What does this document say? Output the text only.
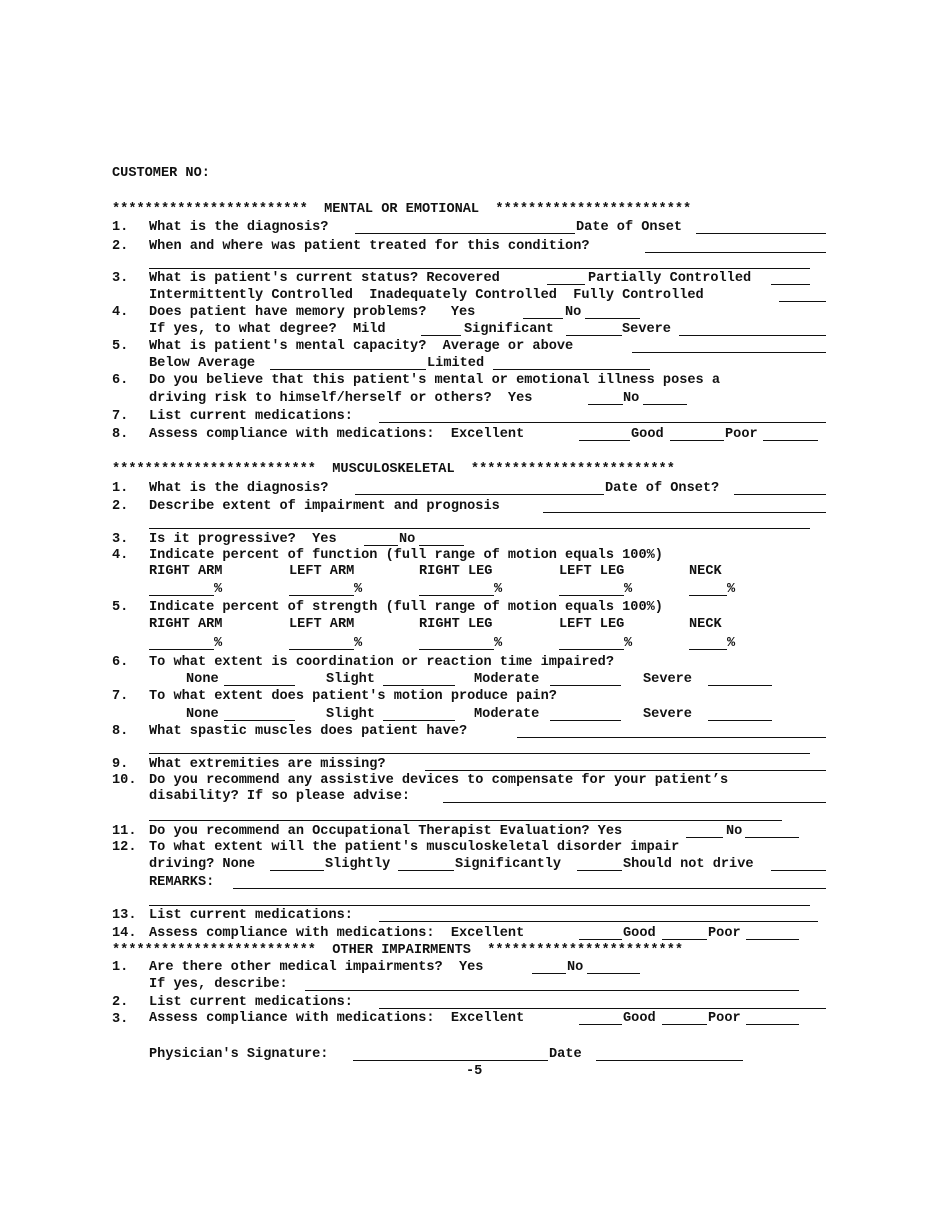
CUSTOMER NO:
************************  MENTAL OR EMOTIONAL  ************************
1. What is the diagnosis?	Date of Onset
2. When and where was patient treated for this condition?
3. What is patient's current status? Recovered	Partially Controlled
Intermittently Controlled  Inadequately Controlled  Fully Controlled
4. Does patient have memory problems?   Yes	No
If yes, to what degree?  Mild	Significant	Severe
5. What is patient's mental capacity?  Average or above
Below Average	Limited
6. Do you believe that this patient's mental or emotional illness poses a
driving risk to himself/herself or others?  Yes	No
7. List current medications:
8. Assess compliance with medications:  Excellent	Good	Poor
*************************  MUSCULOSKELETAL  *************************
1. What is the diagnosis?	Date of Onset?
2. Describe extent of impairment and prognosis
3. Is it progressive?  Yes	No
4. Indicate percent of function (full range of motion equals 100%)
RIGHT ARM	LEFT ARM	RIGHT LEG	LEFT LEG	NECK
%	%	%	%	%
5. Indicate percent of strength (full range of motion equals 100%)
RIGHT ARM	LEFT ARM	RIGHT LEG	LEFT LEG	NECK
%	%	%	%	%
6. To what extent is coordination or reaction time impaired?
None	Slight	Moderate	Severe
7. To what extent does patient's motion produce pain?
None	Slight	Moderate	Severe
8. What spastic muscles does patient have?
9. What extremities are missing?
10. Do you recommend any assistive devices to compensate for your patient’s
disability? If so please advise:
11. Do you recommend an Occupational Therapist Evaluation? Yes	No
12. To what extent will the patient's musculoskeletal disorder impair
driving? None	Slightly	Significantly	Should not drive
REMARKS:
13. List current medications:
14. Assess compliance with medications:  Excellent	Good	Poor
*************************  OTHER IMPAIRMENTS  ************************
1. Are there other medical impairments?  Yes	No
If yes, describe:
2. List current medications:
3. Assess compliance with medications:  Excellent	Good	Poor
Physician's Signature:	Date
-5
